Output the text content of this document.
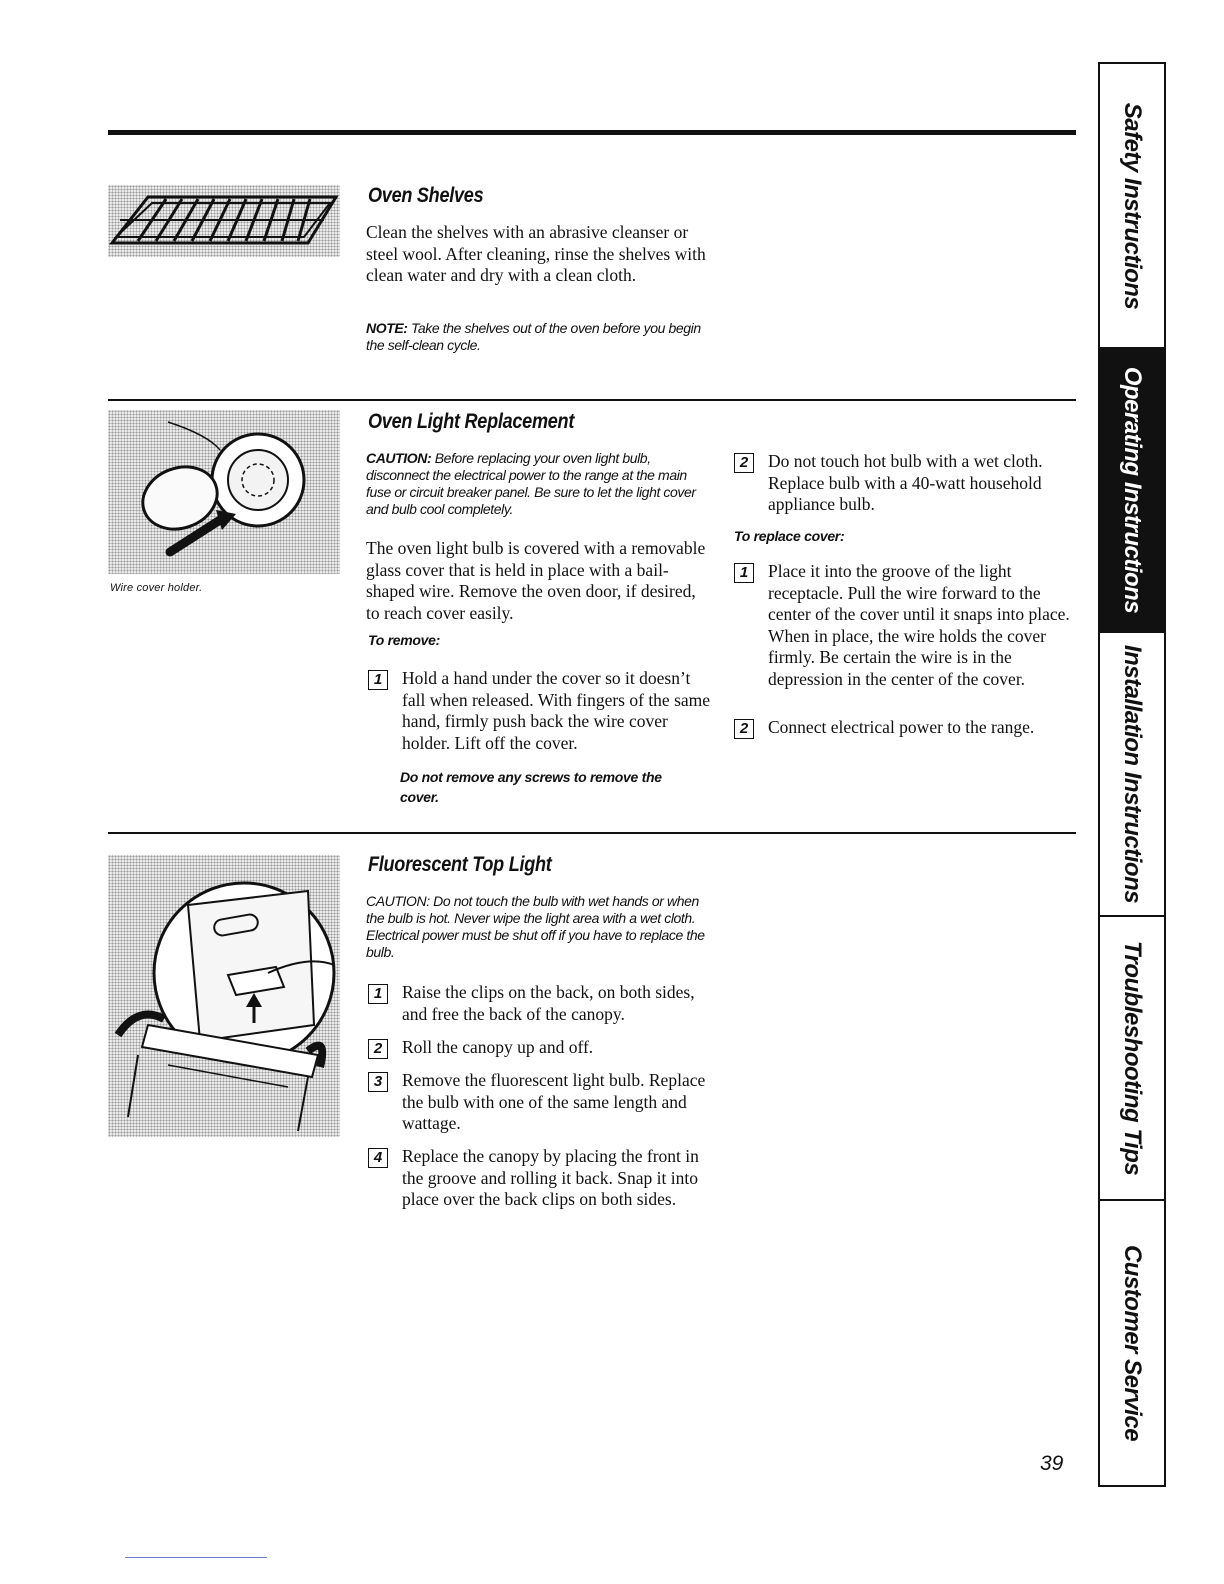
Oven Shelves
Clean the shelves with an abrasive cleanser or steel wool. After cleaning, rinse the shelves with clean water and dry with a clean cloth.
NOTE: Take the shelves out of the oven before you begin the self-clean cycle.
Wire cover holder.
Oven Light Replacement
CAUTION: Before replacing your oven light bulb, disconnect the electrical power to the range at the main fuse or circuit breaker panel. Be sure to let the light cover and bulb cool completely.
The oven light bulb is covered with a removable glass cover that is held in place with a bail-shaped wire. Remove the oven door, if desired, to reach cover easily.
To remove:
1	Hold a hand under the cover so it doesn’t fall when released. With fingers of the same hand, firmly push back the wire cover holder. Lift off the cover.
Do not remove any screws to remove the cover.
2	Do not touch hot bulb with a wet cloth. Replace bulb with a 40-watt household appliance bulb.
To replace cover:
1	Place it into the groove of the light receptacle. Pull the wire forward to the center of the cover until it snaps into place. When in place, the wire holds the cover firmly. Be certain the wire is in the depression in the center of the cover.
2	Connect electrical power to the range.
Fluorescent Top Light
CAUTION: Do not touch the bulb with wet hands or when the bulb is hot. Never wipe the light area with a wet cloth. Electrical power must be shut off if you have to replace the bulb.
1	Raise the clips on the back, on both sides, and free the back of the canopy.
2	Roll the canopy up and off.
3	Remove the fluorescent light bulb. Replace the bulb with one of the same length and wattage.
4	Replace the canopy by placing the front in the groove and rolling it back. Snap it into place over the back clips on both sides.
Safety Instructions
Operating Instructions
Installation Instructions
Troubleshooting Tips
Customer Service
39
